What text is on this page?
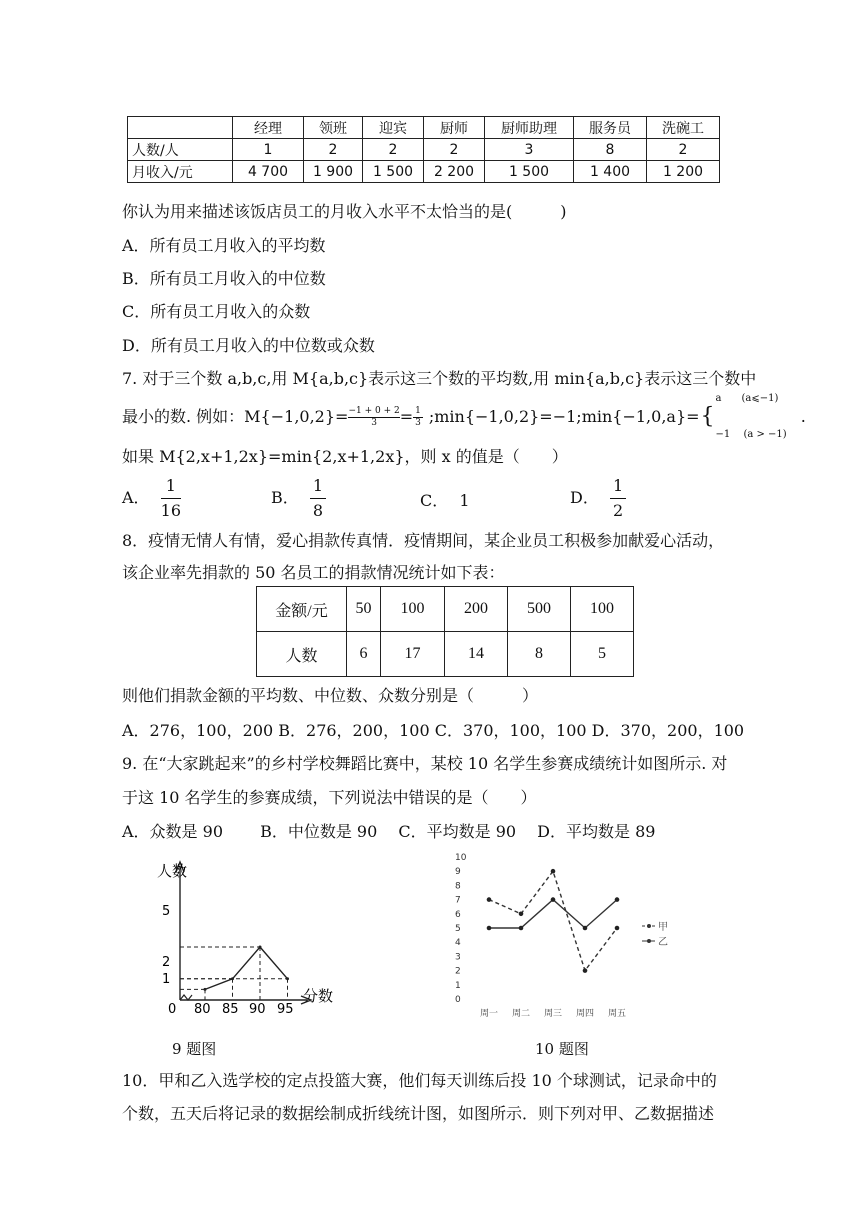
	经理	领班	迎宾	厨师	厨师助理	服务员	洗碗工
人数/人	1	2	2	2	3	8	2
月收入/元	4 700	1 900	1 500	2 200	1 500	1 400	1 200
你认为用来描述该饭店员工的月收入水平不太恰当的是(　　　)
A．所有员工月收入的平均数
B．所有员工月收入的中位数
C．所有员工月收入的众数
D．所有员工月收入的中位数或众数
7. 对于三个数 a,b,c,用 M{a,b,c}表示这三个数的平均数,用 min{a,b,c}表示这三个数中
最小的数. 例如：$M\{-1,0,2\}= \frac{-1 + 0 + 2}{3} = \frac{1}{3}$ ;min{−1,0,2}=−1;min{−1,0,a}= {

a　　(a⩽−1)

−1　 (a > −1)

.
如果 M{2,x+1,2x}=min{2,x+1,2x}，则 x 的值是（　　）
A． $\frac{1}{16}$	B． $\frac{1}{8}$	C． 1	D． $\frac{1}{2}$
8．疫情无情人有情，爱心捐款传真情．疫情期间，某企业员工积极参加献爱心活动，
该企业率先捐款的 50 名员工的捐款情况统计如下表：
金额/元	50	100	200	500	100
人数	6	17	14	8	5
则他们捐款金额的平均数、中位数、众数分别是（　　　）
A．276，100，200 B．276，200，100 C．370，100，100 D．370，200，100
9. 在“大家跳起来”的乡村学校舞蹈比赛中，某校 10 名学生参赛成绩统计如图所示. 对
于这 10 名学生的参赛成绩，下列说法中错误的是（　　）
A．众数是 90　　 B．中位数是 90　 C．平均数是 90　 D．平均数是 89
人数
分数
0
5
2
1
80 85 90 95
9 题图
10
9
8
7
6
5
4
3
2
1
0
周一 周二 周三 周四 周五
甲
乙
10 题图
10．甲和乙入选学校的定点投篮大赛，他们每天训练后投 10 个球测试，记录命中的
个数，五天后将记录的数据绘制成折线统计图，如图所示．则下列对甲、乙数据描述
